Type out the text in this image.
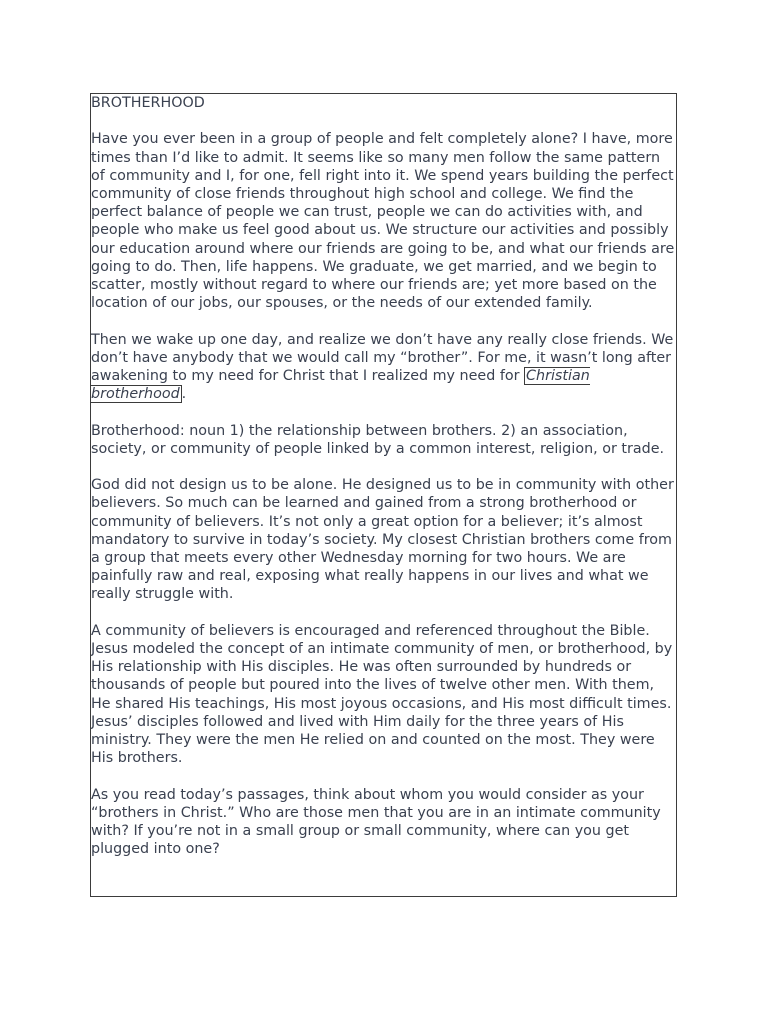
BROTHERHOOD

Have you ever been in a group of people and felt completely alone? I have, more times than I’d like to admit. It seems like so many men follow the same pattern of community and I, for one, fell right into it. We spend years building the perfect community of close friends throughout high school and college. We find the perfect balance of people we can trust, people we can do activities with, and people who make us feel good about us. We structure our activities and possibly our education around where our friends are going to be, and what our friends are going to do. Then, life happens. We graduate, we get married, and we begin to scatter, mostly without regard to where our friends are; yet more based on the location of our jobs, our spouses, or the needs of our extended family.

Then we wake up one day, and realize we don’t have any really close friends. We don’t have anybody that we would call my “brother”. For me, it wasn’t long after awakening to my need for Christ that I realized my need for Christian brotherhood .

Brotherhood: noun 1) the relationship between brothers. 2) an association, society, or community of people linked by a common interest, religion, or trade.

God did not design us to be alone. He designed us to be in community with other believers. So much can be learned and gained from a strong brotherhood or community of believers. It’s not only a great option for a believer; it’s almost mandatory to survive in today’s society. My closest Christian brothers come from a group that meets every other Wednesday morning for two hours. We are painfully raw and real, exposing what really happens in our lives and what we really struggle with.

A community of believers is encouraged and referenced throughout the Bible. Jesus modeled the concept of an intimate community of men, or brotherhood, by His relationship with His disciples. He was often surrounded by hundreds or thousands of people but poured into the lives of twelve other men. With them, He shared His teachings, His most joyous occasions, and His most difficult times. Jesus’ disciples followed and lived with Him daily for the three years of His ministry. They were the men He relied on and counted on the most. They were His brothers.

As you read today’s passages, think about whom you would consider as your “brothers in Christ.” Who are those men that you are in an intimate community with? If you’re not in a small group or small community, where can you get plugged into one?
